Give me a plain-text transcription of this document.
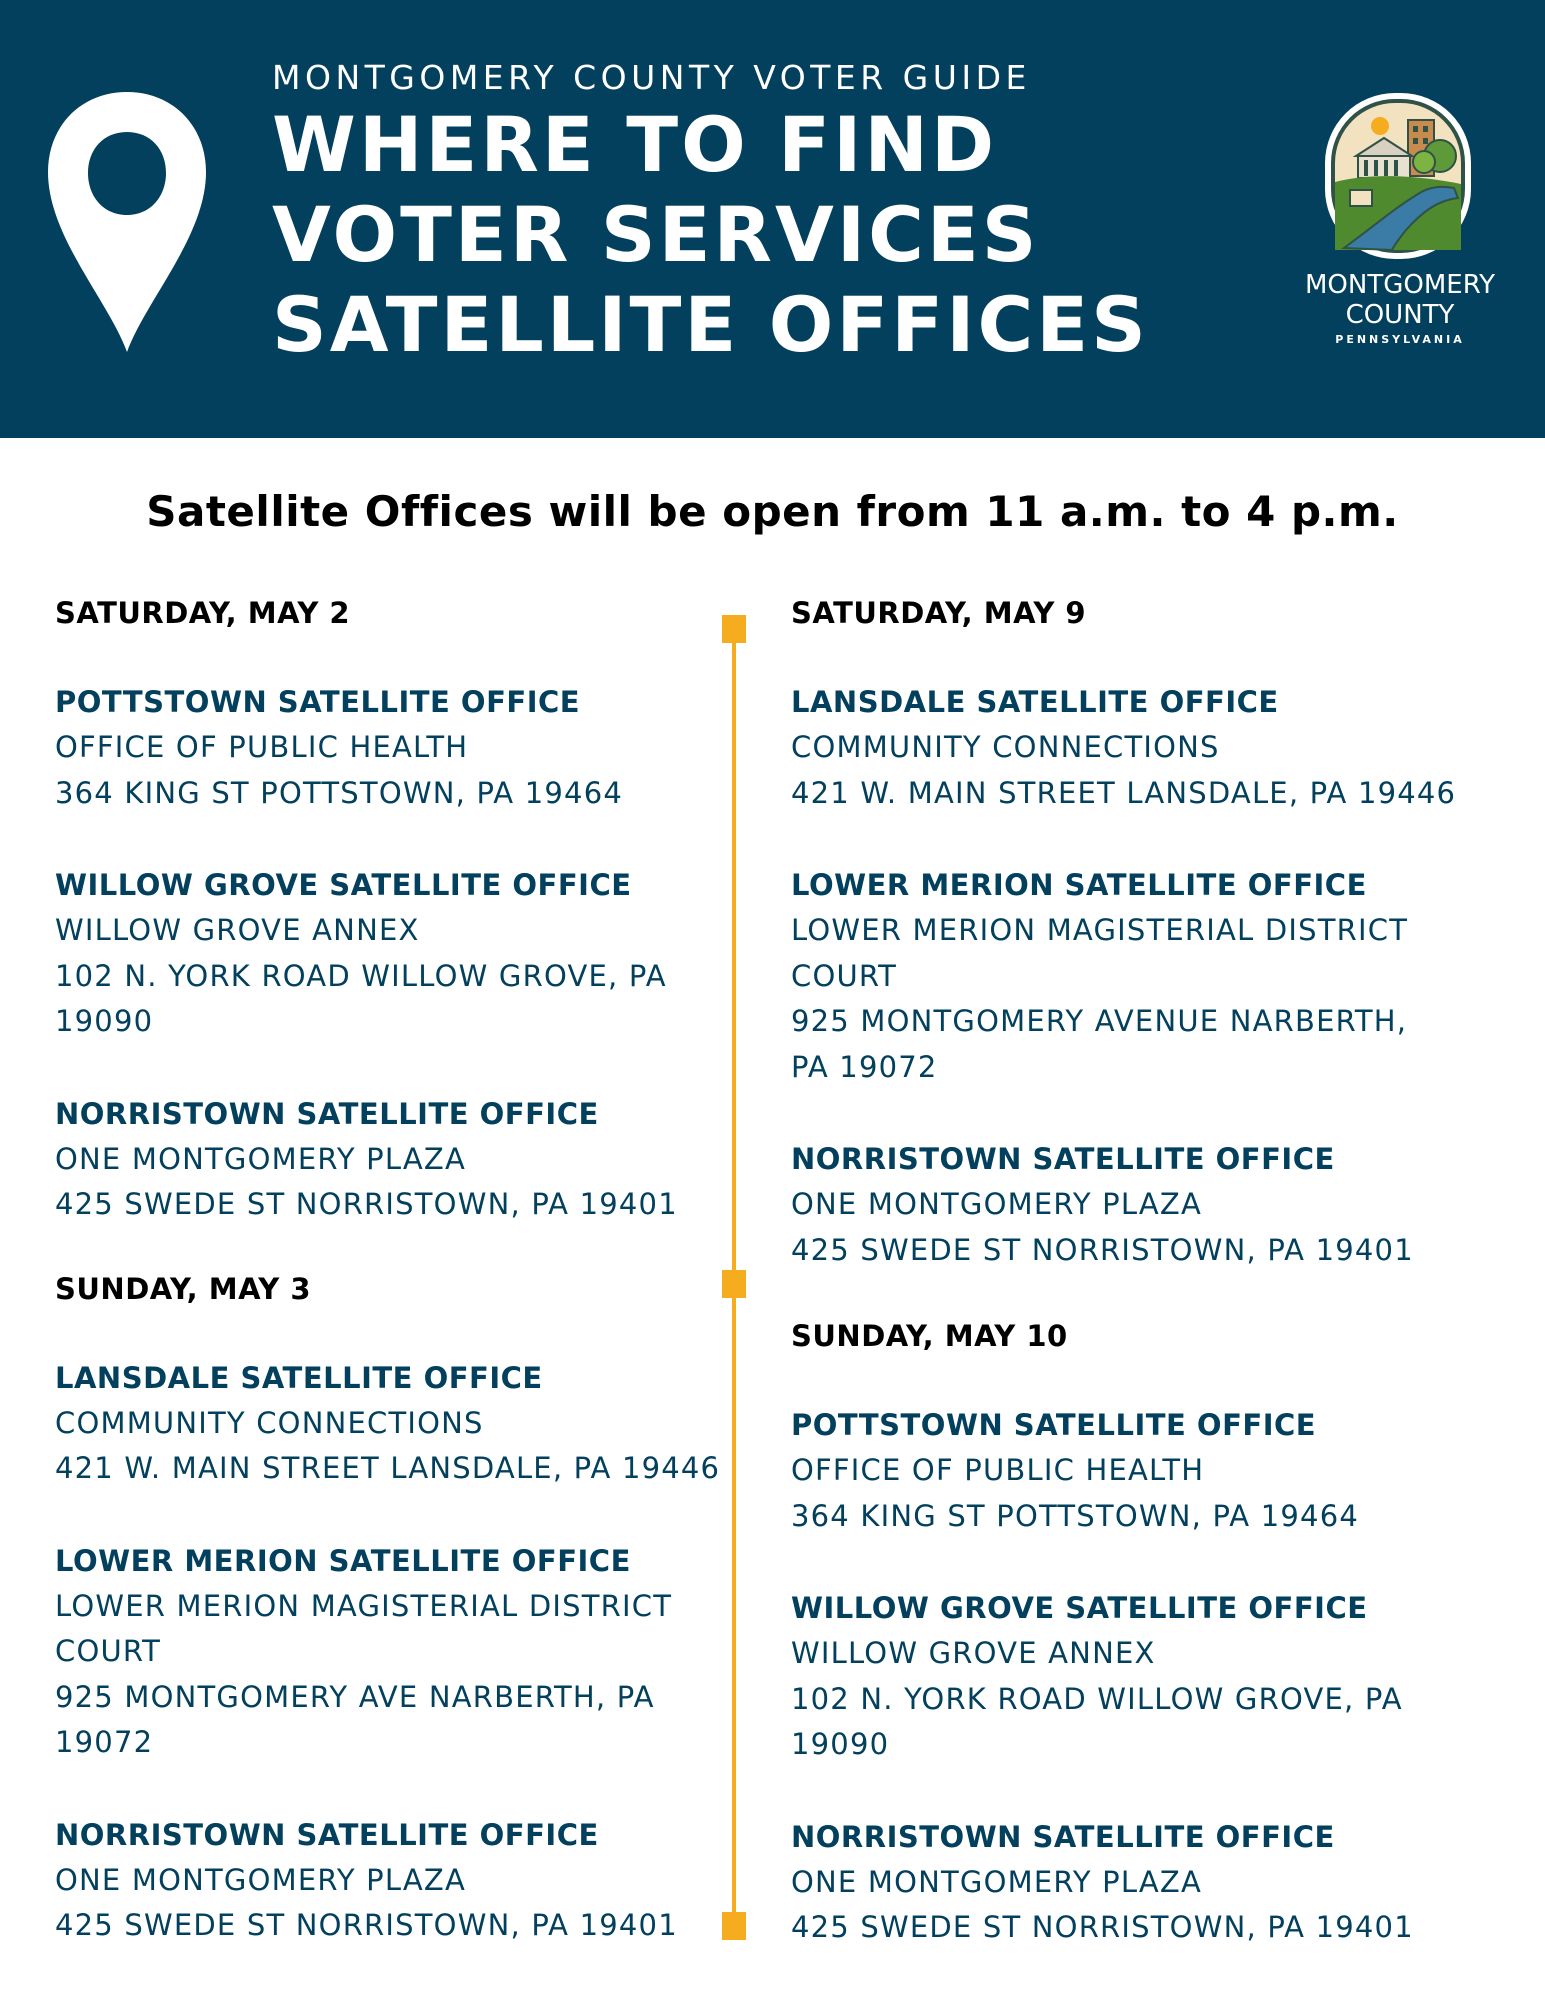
MONTGOMERY COUNTY VOTER GUIDE
WHERE TO FIND
VOTER SERVICES
SATELLITE OFFICES	MONTGOMERY
COUNTY
PENNSYLVANIA
Satellite Offices will be open from 11 a.m. to 4 p.m.
SATURDAY, MAY 2
POTTSTOWN SATELLITE OFFICE
OFFICE OF PUBLIC HEALTH
364 KING ST POTTSTOWN, PA 19464
WILLOW GROVE SATELLITE OFFICE
WILLOW GROVE ANNEX
102 N. YORK ROAD WILLOW GROVE, PA
19090
NORRISTOWN SATELLITE OFFICE
ONE MONTGOMERY PLAZA
425 SWEDE ST NORRISTOWN, PA 19401
SUNDAY, MAY 3
LANSDALE SATELLITE OFFICE
COMMUNITY CONNECTIONS
421 W. MAIN STREET LANSDALE, PA 19446
LOWER MERION SATELLITE OFFICE
LOWER MERION MAGISTERIAL DISTRICT
COURT
925 MONTGOMERY AVE NARBERTH, PA
19072
NORRISTOWN SATELLITE OFFICE
ONE MONTGOMERY PLAZA
425 SWEDE ST NORRISTOWN, PA 19401
SATURDAY, MAY 9
LANSDALE SATELLITE OFFICE
COMMUNITY CONNECTIONS
421 W. MAIN STREET LANSDALE, PA 19446
LOWER MERION SATELLITE OFFICE
LOWER MERION MAGISTERIAL DISTRICT
COURT
925 MONTGOMERY AVENUE NARBERTH,
PA 19072
NORRISTOWN SATELLITE OFFICE
ONE MONTGOMERY PLAZA
425 SWEDE ST NORRISTOWN, PA 19401
SUNDAY, MAY 10
POTTSTOWN SATELLITE OFFICE
OFFICE OF PUBLIC HEALTH
364 KING ST POTTSTOWN, PA 19464
WILLOW GROVE SATELLITE OFFICE
WILLOW GROVE ANNEX
102 N. YORK ROAD WILLOW GROVE, PA
19090
NORRISTOWN SATELLITE OFFICE
ONE MONTGOMERY PLAZA
425 SWEDE ST NORRISTOWN, PA 19401
